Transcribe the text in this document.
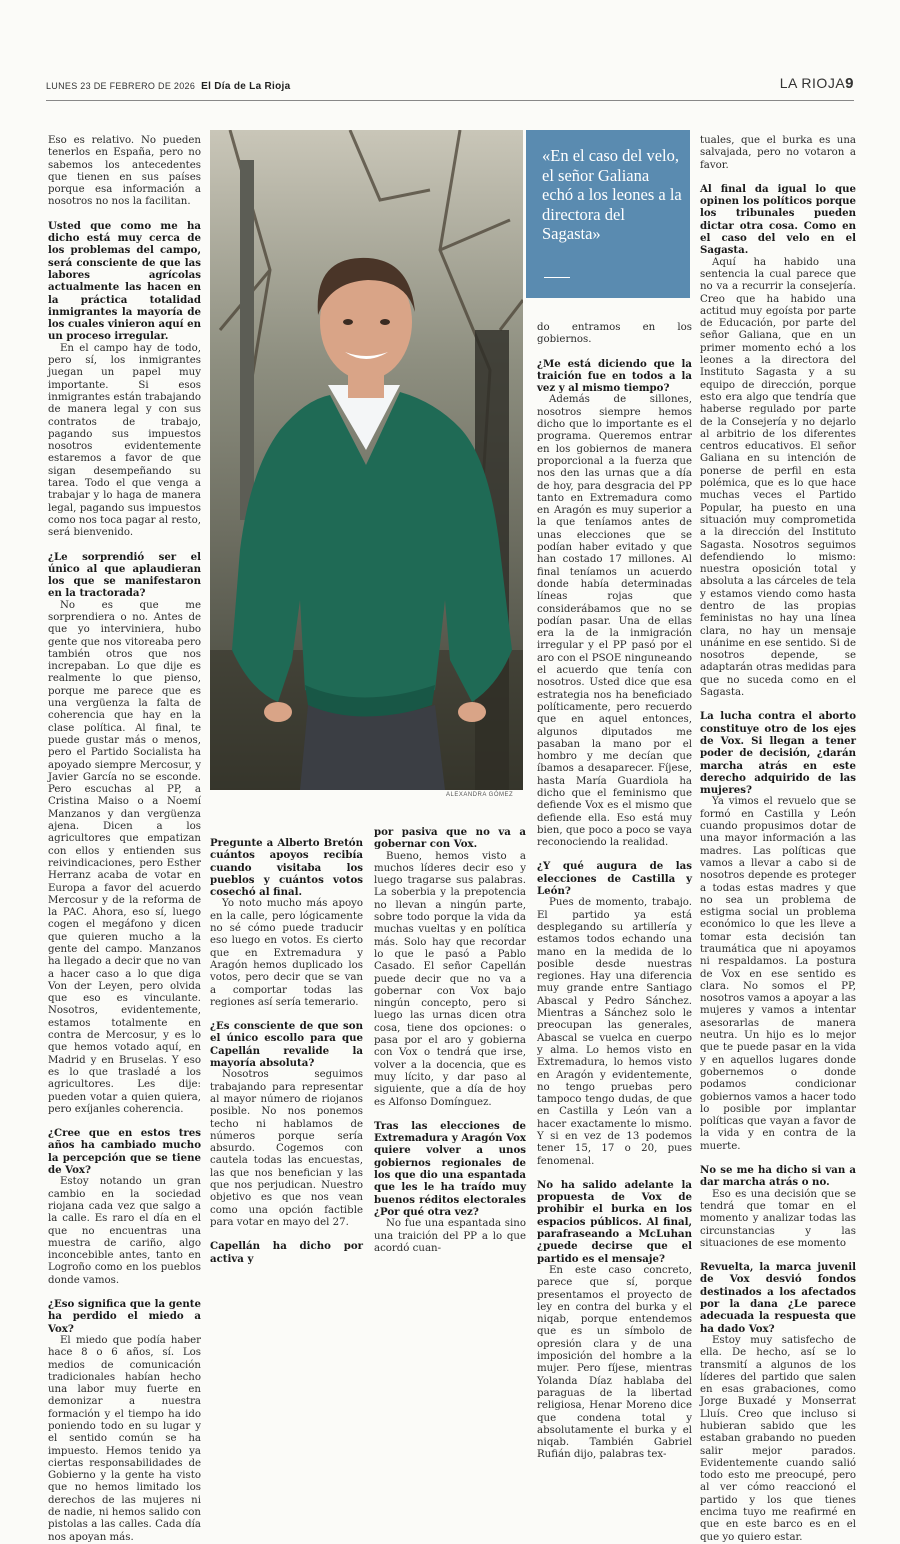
LUNES 23 DE FEBRERO DE 2026 El Día de La Rioja	LA RIOJA9

Eso es relativo. No pueden tenerlos en España, pero no sabemos los antecedentes que tienen en sus países porque esa información a nosotros no nos la facilitan.

Usted que como me ha dicho está muy cerca de los problemas del campo, será consciente de que las labores agrícolas actualmente las hacen en la práctica totalidad inmigrantes la mayoría de los cuales vinieron aquí en un proceso irregular.

En el campo hay de todo, pero sí, los inmigrantes juegan un papel muy importante. Si esos inmigrantes están trabajando de manera legal y con sus contratos de trabajo, pagando sus impuestos nosotros evidentemente estaremos a favor de que sigan desempeñando su tarea. Todo el que venga a trabajar y lo haga de manera legal, pagando sus impuestos como nos toca pagar al resto, será bienvenido.

¿Le sorprendió ser el único al que aplaudieran los que se manifestaron en la tractorada?

No es que me sorprendiera o no. Antes de que yo interviniera, hubo gente que nos vitoreaba pero también otros que nos increpaban. Lo que dije es realmente lo que pienso, porque me parece que es una vergüenza la falta de coherencia que hay en la clase política. Al final, te puede gustar más o menos, pero el Partido Socialista ha apoyado siempre Mercosur, y Javier García no se esconde. Pero escuchas al PP, a Cristina Maiso o a Noemí Manzanos y dan vergüenza ajena. Dicen a los agricultores que empatizan con ellos y entienden sus reivindicaciones, pero Esther Herranz acaba de votar en Europa a favor del acuerdo Mercosur y de la reforma de la PAC. Ahora, eso sí, luego cogen el megáfono y dicen que quieren mucho a la gente del campo. Manzanos ha llegado a decir que no van a hacer caso a lo que diga Von der Leyen, pero olvida que eso es vinculante. Nosotros, evidentemente, estamos totalmente en contra de Mercosur, y es lo que hemos votado aquí, en Madrid y en Bruselas. Y eso es lo que trasladé a los agricultores. Les dije: pueden votar a quien quiera, pero exíjanles coherencia.

¿Cree que en estos tres años ha cambiado mucho la percepción que se tiene de Vox?

Estoy notando un gran cambio en la sociedad riojana cada vez que salgo a la calle. Es raro el día en el que no encuentras una muestra de cariño, algo inconcebible antes, tanto en Logroño como en los pueblos donde vamos.

¿Eso significa que la gente ha perdido el miedo a Vox?

El miedo que podía haber hace 8 o 6 años, sí. Los medios de comunicación tradicionales habían hecho una labor muy fuerte en demonizar a nuestra formación y el tiempo ha ido poniendo todo en su lugar y el sentido común se ha impuesto. Hemos tenido ya ciertas responsabilidades de Gobierno y la gente ha visto que no hemos limitado los derechos de las mujeres ni de nadie, ni hemos salido con pistolas a las calles. Cada día nos apoyan más.

ALEXANDRA GÓMEZ
«En el caso del velo, el señor Galiana echó a los leones a la directora del Sagasta»

Pregunte a Alberto Bretón cuántos apoyos recibía cuando visitaba los pueblos y cuántos votos cosechó al final.

Yo noto mucho más apoyo en la calle, pero lógicamente no sé cómo puede traducir eso luego en votos. Es cierto que en Extremadura y Aragón hemos duplicado los votos, pero decir que se van a comportar todas las regiones así sería temerario.

¿Es consciente de que son el único escollo para que Capellán revalide la mayoría absoluta?

Nosotros seguimos trabajando para representar al mayor número de riojanos posible. No nos ponemos techo ni hablamos de números porque sería absurdo. Cogemos con cautela todas las encuestas, las que nos benefician y las que nos perjudican. Nuestro objetivo es que nos vean como una opción factible para votar en mayo del 27.

Capellán ha dicho por activa y

por pasiva que no va a gobernar con Vox.

Bueno, hemos visto a muchos líderes decir eso y luego tragarse sus palabras. La soberbia y la prepotencia no llevan a ningún parte, sobre todo porque la vida da muchas vueltas y en política más. Solo hay que recordar lo que le pasó a Pablo Casado. El señor Capellán puede decir que no va a gobernar con Vox bajo ningún concepto, pero si luego las urnas dicen otra cosa, tiene dos opciones: o pasa por el aro y gobierna con Vox o tendrá que irse, volver a la docencia, que es muy lícito, y dar paso al siguiente, que a día de hoy es Alfonso Domínguez.

Tras las elecciones de Extremadura y Aragón Vox quiere volver a unos gobiernos regionales de los que dio una espantada que les le ha traído muy buenos réditos electorales ¿Por qué otra vez?

No fue una espantada sino una traición del PP a lo que acordó cuan-

do entramos en los gobiernos.

¿Me está diciendo que la traición fue en todos a la vez y al mismo tiempo?

Además de sillones, nosotros siempre hemos dicho que lo importante es el programa. Queremos entrar en los gobiernos de manera proporcional a la fuerza que nos den las urnas que a día de hoy, para desgracia del PP tanto en Extremadura como en Aragón es muy superior a la que teníamos antes de unas elecciones que se podían haber evitado y que han costado 17 millones. Al final teníamos un acuerdo donde había determinadas líneas rojas que considerábamos que no se podían pasar. Una de ellas era la de la inmigración irregular y el PP pasó por el aro con el PSOE ninguneando el acuerdo que tenía con nosotros. Usted dice que esa estrategia nos ha beneficiado políticamente, pero recuerdo que en aquel entonces, algunos diputados me pasaban la mano por el hombro y me decían que íbamos a desaparecer. Fíjese, hasta María Guardiola ha dicho que el feminismo que defiende Vox es el mismo que defiende ella. Eso está muy bien, que poco a poco se vaya reconociendo la realidad.

¿Y qué augura de las elecciones de Castilla y León?

Pues de momento, trabajo. El partido ya está desplegando su artillería y estamos todos echando una mano en la medida de lo posible desde nuestras regiones. Hay una diferencia muy grande entre Santiago Abascal y Pedro Sánchez. Mientras a Sánchez solo le preocupan las generales, Abascal se vuelca en cuerpo y alma. Lo hemos visto en Extremadura, lo hemos visto en Aragón y evidentemente, no tengo pruebas pero tampoco tengo dudas, de que en Castilla y León van a hacer exactamente lo mismo. Y si en vez de 13 podemos tener 15, 17 o 20, pues fenomenal.

No ha salido adelante la propuesta de Vox de prohibir el burka en los espacios públicos. Al final, parafraseando a McLuhan ¿puede decirse que el partido es el mensaje?

En este caso concreto, parece que sí, porque presentamos el proyecto de ley en contra del burka y el niqab, porque entendemos que es un símbolo de opresión clara y de una imposición del hombre a la mujer. Pero fíjese, mientras Yolanda Díaz hablaba del paraguas de la libertad religiosa, Henar Moreno dice que condena total y absolutamente el burka y el niqab. También Gabriel Rufián dijo, palabras tex-

tuales, que el burka es una salvajada, pero no votaron a favor.

Al final da igual lo que opinen los políticos porque los tribunales pueden dictar otra cosa. Como en el caso del velo en el Sagasta.

Aquí ha habido una sentencia la cual parece que no va a recurrir la consejería. Creo que ha habido una actitud muy egoísta por parte de Educación, por parte del señor Galiana, que en un primer momento echó a los leones a la directora del Instituto Sagasta y a su equipo de dirección, porque esto era algo que tendría que haberse regulado por parte de la Consejería y no dejarlo al arbitrio de los diferentes centros educativos. El señor Galiana en su intención de ponerse de perfil en esta polémica, que es lo que hace muchas veces el Partido Popular, ha puesto en una situación muy comprometida a la dirección del Instituto Sagasta. Nosotros seguimos defendiendo lo mismo: nuestra oposición total y absoluta a las cárceles de tela y estamos viendo como hasta dentro de las propias feministas no hay una línea clara, no hay un mensaje unánime en ese sentido. Si de nosotros depende, se adaptarán otras medidas para que no suceda como en el Sagasta.

La lucha contra el aborto constituye otro de los ejes de Vox. Si llegan a tener poder de decisión, ¿darán marcha atrás en este derecho adquirido de las mujeres?

Ya vimos el revuelo que se formó en Castilla y León cuando propusimos dotar de una mayor información a las madres. Las políticas que vamos a llevar a cabo si de nosotros depende es proteger a todas estas madres y que no sea un problema de estigma social un problema económico lo que les lleve a tomar esta decisión tan traumática que ni apoyamos ni respaldamos. La postura de Vox en ese sentido es clara. No somos el PP, nosotros vamos a apoyar a las mujeres y vamos a intentar asesorarlas de manera neutra. Un hijo es lo mejor que te puede pasar en la vida y en aquellos lugares donde gobernemos o donde podamos condicionar gobiernos vamos a hacer todo lo posible por implantar políticas que vayan a favor de la vida y en contra de la muerte.

No se me ha dicho si van a dar marcha atrás o no.

Eso es una decisión que se tendrá que tomar en el momento y analizar todas las circunstancias y las situaciones de ese momento

Revuelta, la marca juvenil de Vox desvió fondos destinados a los afectados por la dana ¿Le parece adecuada la respuesta que ha dado Vox?

Estoy muy satisfecho de ella. De hecho, así se lo transmití a algunos de los líderes del partido que salen en esas grabaciones, como Jorge Buxadé y Monserrat Lluís. Creo que incluso si hubieran sabido que les estaban grabando no pueden salir mejor parados. Evidentemente cuando salió todo esto me preocupé, pero al ver cómo reaccionó el partido y los que tienes encima tuyo me reafirmé en que en este barco es en el que yo quiero estar.
